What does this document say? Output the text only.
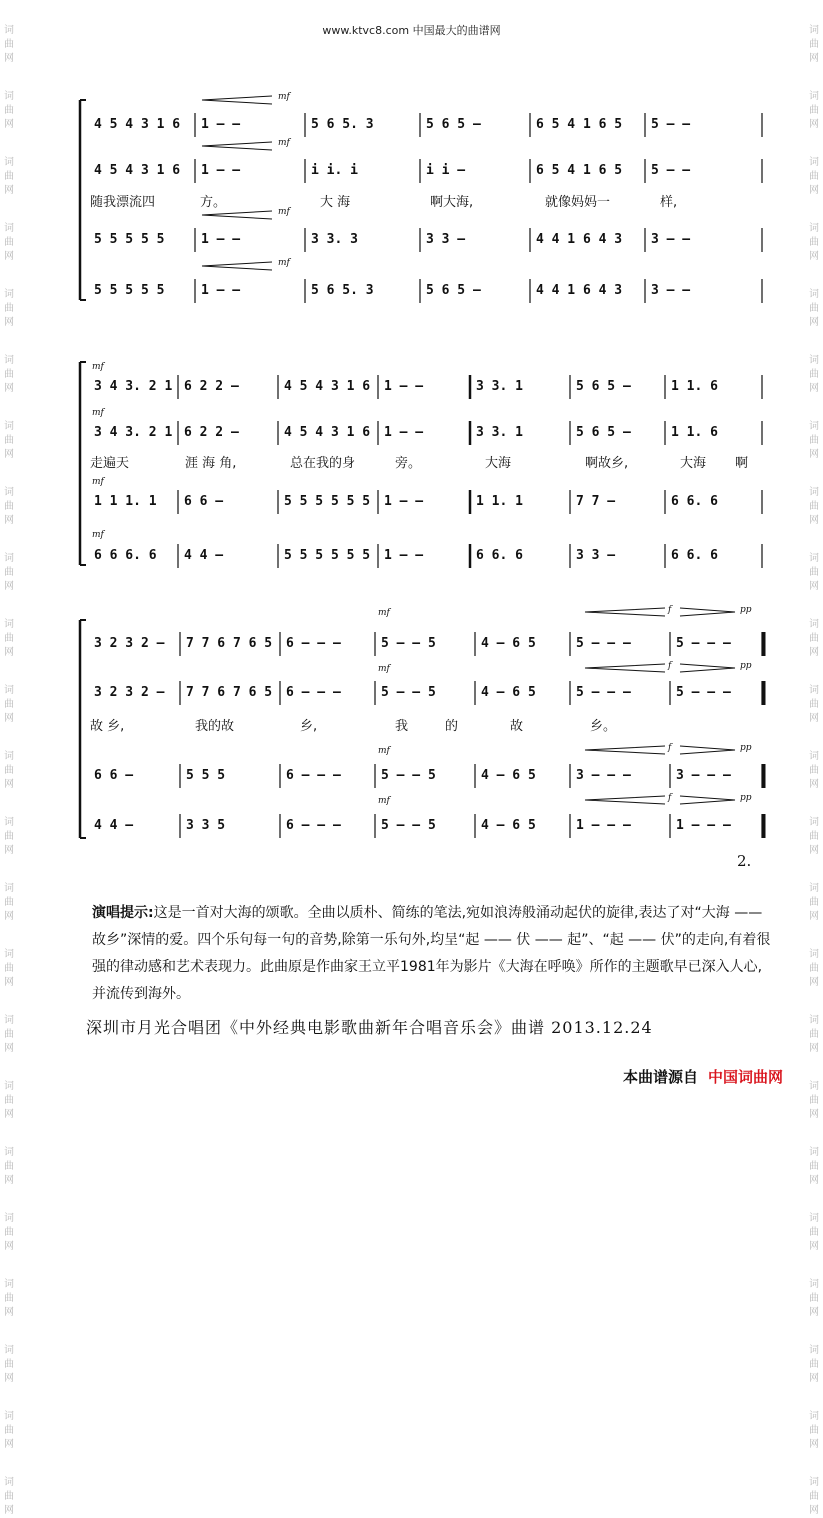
www.ktvc8.com 中国最大的曲谱网
词
曲
网
词
曲
网
词
曲
网
词
曲
网
词
曲
网
词
曲
网
词
曲
网
词
曲
网
词
曲
网
词
曲
网
词
曲
网
词
曲
网
词
曲
网
词
曲
网
词
曲
网
词
曲
网
词
曲
网
词
曲
网
词
曲
网
词
曲
网
词
曲
网
词
曲
网
词
曲
网
词
曲
网
词
曲
网
词
曲
网
词
曲
网
词
曲
网
词
曲
网
词
曲
网
词
曲
网
词
曲
网
词
曲
网
词
曲
网
词
曲
网
词
曲
网
词
曲
网
词
曲
网
词
曲
网
词
曲
网
词
曲
网
词
曲
网
词
曲
网
词
曲
网
词
曲
网
词
曲
网
4 5 4 3 1 6 1 – –	5 6 5. 3	5 6 5 –	6 5 4 1 6 5 5 – –
4 5 4 3 1 6 1 – –	i i. i	i i –	6 5 4 1 6 5 5 – –
5 5 5 5 5	1 – –	3 3. 3	3 3 –	4 4 1 6 4 3 3 – –
5 5 5 5 5	1 – –	5 6 5. 3	5 6 5 –	4 4 1 6 4 3 3 – –
随我漂流四	方。	大 海	啊大海,	就像妈妈一	样,
3 4 3. 2 1 6 2 2 –	4 5 4 3 1 6 1 – –	3 3. 1	5 6 5 –	1 1. 6
3 4 3. 2 1 6 2 2 –	4 5 4 3 1 6 1 – –	3 3. 1	5 6 5 –	1 1. 6
1 1 1. 1 6 6 –	5 5 5 5 5 5 1 – –	1 1. 1	7 7 –	6 6. 6
6 6 6. 6 4 4 –	5 5 5 5 5 5 1 – –	6 6. 6	3 3 –	6 6. 6
走遍天	涯 海 角,	总在我的身	旁。	大海	啊故乡,	大海 啊
3 2 3 2 – 7 7 6 7 6 5 6 – – –	5 – – 5	4 – 6 5	5 – – –	5 – – –
3 2 3 2 – 7 7 6 7 6 5 6 – – –	5 – – 5	4 – 6 5	5 – – –	5 – – –
6 6 –	5 5 5	6 – – –	5 – – 5	4 – 6 5	3 – – –	3 – – –
4 4 –	3 3 5	6 – – –	5 – – 5	4 – 6 5	1 – – –	1 – – –
故 乡,	我的故	乡,	我	的	故	乡。
mf
mf
mf
mf
mf
mf
mf
mf
mf	f	pp
mf	f	pp
mf	f	pp
mf	f	pp
2.
演唱提示:这是一首对大海的颂歌。全曲以质朴、简练的笔法,宛如浪涛般涌动起伏的旋律,表达了对“大海 —— 故乡”深情的爱。四个乐句每一句的音势,除第一乐句外,均呈“起 —— 伏 —— 起”、“起 —— 伏”的走向,有着很强的律动感和艺术表现力。此曲原是作曲家王立平1981年为影片《大海在呼唤》所作的主题歌早已深入人心,并流传到海外。
深圳市月光合唱团《中外经典电影歌曲新年合唱音乐会》曲谱 2013.12.24
本曲谱源自 中国词曲网
